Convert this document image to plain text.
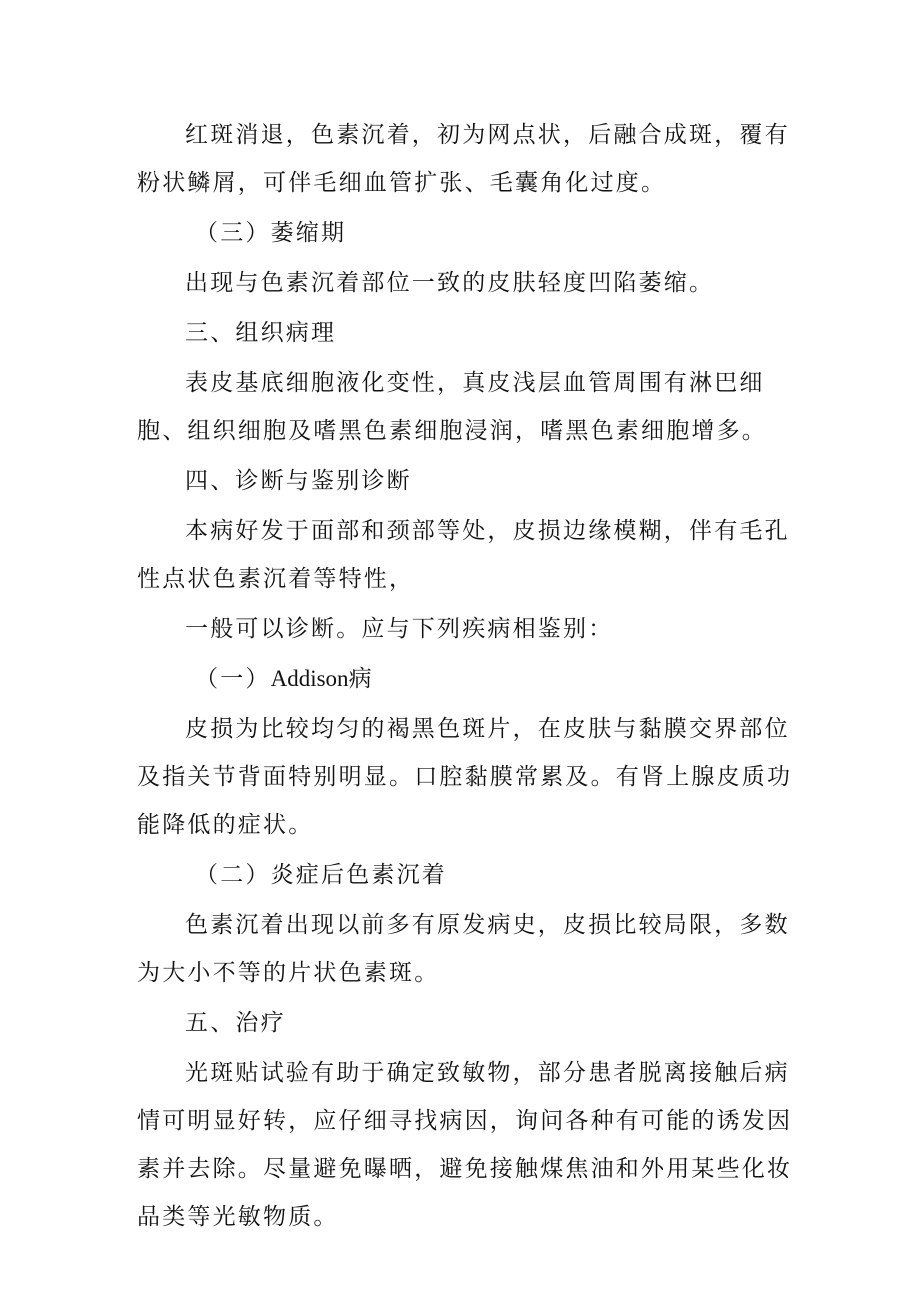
红斑消退，色素沉着，初为网点状，后融合成斑，覆有粉状鳞屑，可伴毛细血管扩张、毛囊角化过度。

（三）萎缩期

出现与色素沉着部位一致的皮肤轻度凹陷萎缩。

三、组织病理

表皮基底细胞液化变性，真皮浅层血管周围有淋巴细胞、组织细胞及嗜黑色素细胞浸润，嗜黑色素细胞增多。

四、诊断与鉴别诊断

本病好发于面部和颈部等处，皮损边缘模糊，伴有毛孔性点状色素沉着等特性，

一般可以诊断。应与下列疾病相鉴别：

（一）Addison病

皮损为比较均匀的褐黑色斑片，在皮肤与黏膜交界部位及指关节背面特别明显。口腔黏膜常累及。有肾上腺皮质功能降低的症状。

（二）炎症后色素沉着

色素沉着出现以前多有原发病史，皮损比较局限，多数为大小不等的片状色素斑。

五、治疗

光斑贴试验有助于确定致敏物，部分患者脱离接触后病情可明显好转，应仔细寻找病因，询问各种有可能的诱发因素并去除。尽量避免曝晒，避免接触煤焦油和外用某些化妆品类等光敏物质。
